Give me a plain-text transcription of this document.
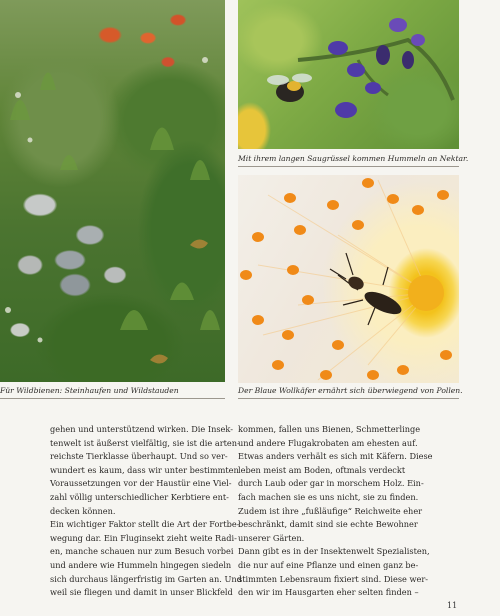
Mit ihrem langen Saugrüssel kommen Hummeln an Nektar.

Für Wildbienen: Steinhaufen und Wildstauden	Der Blaue Wollkäfer ernährt sich überwiegend von Pollen.

gehen und unterstützend wirken. Die Insek-
tenwelt ist äußerst vielfältig, sie ist die arten-
reichste Tierklasse überhaupt. Und so ver-
wundert es kaum, dass wir unter bestimmten
Voraussetzungen vor der Haustür eine Viel-
zahl völlig unterschiedlicher Kerbtiere ent-
decken können.
Ein wichtiger Faktor stellt die Art der Fortbe-
wegung dar. Ein Fluginsekt zieht weite Radi-
en, manche schauen nur zum Besuch vorbei
und andere wie Hummeln hingegen siedeln
sich durchaus längerfristig im Garten an. Und
weil sie fliegen und damit in unser Blickfeld
kommen, fallen uns Bienen, Schmetterlinge
und andere Flugakrobaten am ehesten auf.
Etwas anders verhält es sich mit Käfern. Diese
leben meist am Boden, oftmals verdeckt
durch Laub oder gar in morschem Holz. Ein-
fach machen sie es uns nicht, sie zu finden.
Zudem ist ihre „fußläufige“ Reichweite eher
beschränkt, damit sind sie echte Bewohner
unserer Gärten.
Dann gibt es in der Insektenwelt Spezialisten,
die nur auf eine Pflanze und einen ganz be-
stimmten Lebensraum fixiert sind. Diese wer-
den wir im Hausgarten eher selten finden –

11
